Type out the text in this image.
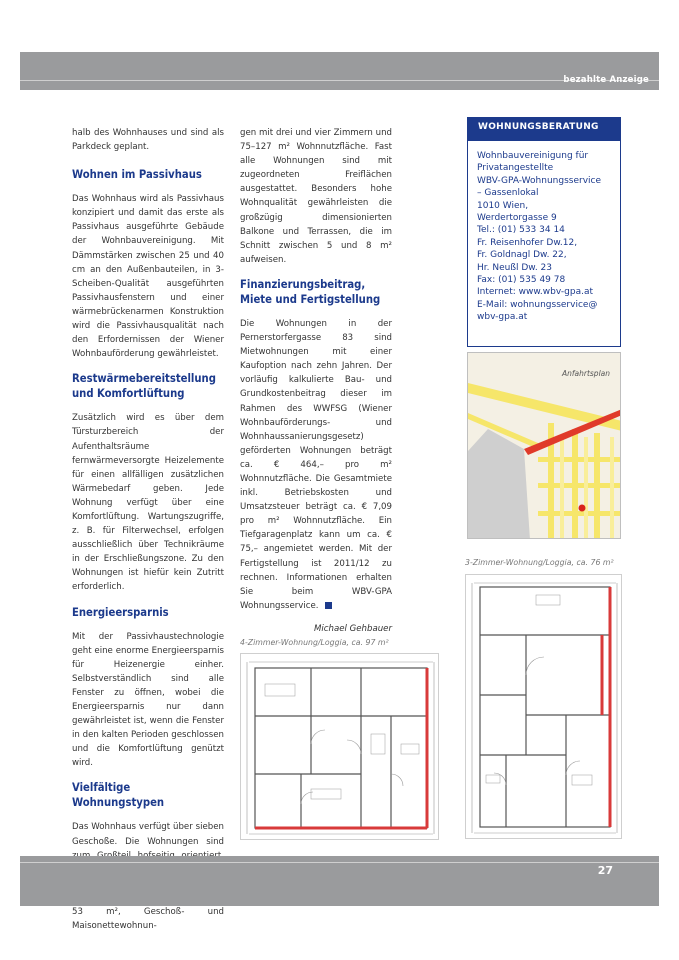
bezahlte Anzeige

halb des Wohnhauses und sind als Parkdeck geplant.

Wohnen im Passivhaus

Das Wohnhaus wird als Passivhaus konzipiert und damit das erste als Passivhaus ausgeführte Gebäude der Wohnbauvereinigung. Mit Dämmstärken zwischen 25 und 40 cm an den Außenbauteilen, in 3-Scheiben-Qualität ausgeführten Passivhausfenstern und einer wärmebrückenarmen Konstruktion wird die Passivhausqualität nach den Erfordernissen der Wiener Wohnbauförderung gewährleistet.

Restwärmebereitstellung und Komfortlüftung

Zusätzlich wird es über dem Türsturzbereich der Aufenthaltsräume fernwärmeversorgte Heizelemente für einen allfälligen zusätzlichen Wärmebedarf geben. Jede Wohnung verfügt über eine Komfortlüftung. Wartungszugriffe, z. B. für Filterwechsel, erfolgen ausschließlich über Technikräume in der Erschließungszone. Zu den Wohnungen ist hiefür kein Zutritt erforderlich.

Energieersparnis

Mit der Passivhaustechnologie geht eine enorme Energieersparnis für Heizenergie einher. Selbstverständlich sind alle Fenster zu öffnen, wobei die Energieersparnis nur dann gewährleistet ist, wenn die Fenster in den kalten Perioden geschlossen und die Komfortlüftung genützt wird.

Vielfältige Wohnungstypen

Das Wohnhaus verfügt über sieben Geschoße. Die Wohnungen sind 53 m², Geschoß- und Maisonettewohnun-

gen mit drei und vier Zimmern und 75–127 m² Wohnnutzfläche. Fast alle Wohnungen sind mit zugeordneten Freiflächen ausgestattet. Besonders hohe Wohnqualität gewährleisten die großzügig dimensionierten Balkone und Terrassen, die im Schnitt zwischen 5 und 8 m² aufweisen.

Finanzierungsbeitrag, Miete und Fertigstellung

Die Wohnungen in der Pernerstorfergasse 83 sind Mietwohnungen mit einer Kaufoption nach zehn Jahren. Der vorläufig kalkulierte Bau- und Grundkostenbeitrag dieser im Rahmen des WWFSG (Wiener Wohnbauförderungs- und Wohnhaussanierungsgesetz) geförderten Wohnungen beträgt ca. € 464,– pro m² Wohnnutzfläche. Die Gesamtmiete inkl. Betriebskosten und Umsatzsteuer beträgt ca. € 7,09 pro m² Wohnnutzfläche. Ein Tiefgaragenplatz kann um ca. € 75,– angemietet werden. Mit der Fertigstellung ist 2011/12 zu rechnen. Informationen erhalten Sie beim WBV-GPA Wohnungsservice.

Michael Gehbauer
WOHNUNGSBERATUNG
Wohnbauvereinigung für
Privatangestellte
WBV-GPA-Wohnungsservice
– Gassenlokal
1010 Wien,
Werdertorgasse 9
Tel.: (01) 533 34 14
Fr. Reisenhofer Dw.12,
Fr. Goldnagl Dw. 22,
Hr. Neußl Dw. 23
Fax: (01) 535 49 78
Internet: www.wbv-gpa.at
E-Mail: wohnungsservice@
wbv-gpa.at
Anfahrtsplan
3-Zimmer-Wohnung/Loggia, ca. 76 m²
4-Zimmer-Wohnung/Loggia, ca. 97 m²
27
